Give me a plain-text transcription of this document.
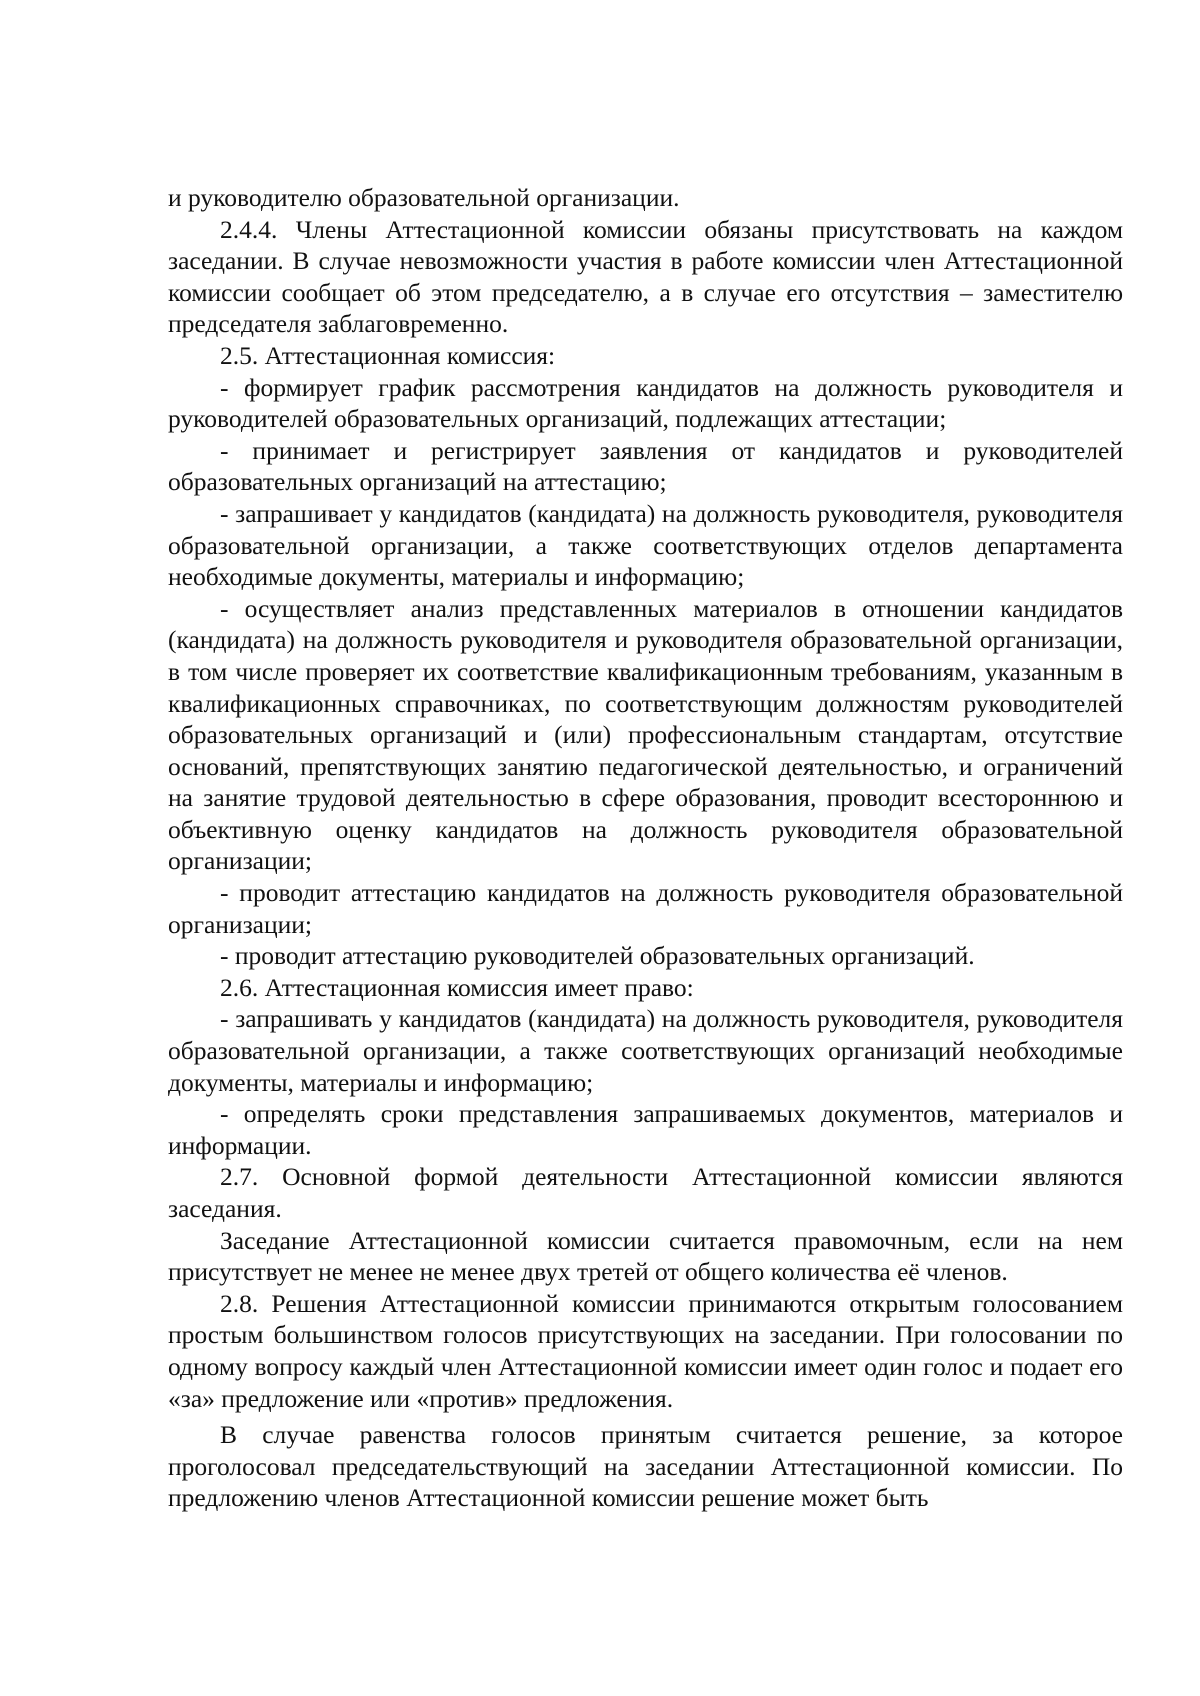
и руководителю образовательной организации.

2.4.4. Члены Аттестационной комиссии обязаны присутствовать на каждом заседании. В случае невозможности участия в работе комиссии член Аттестационной комиссии сообщает об этом председателю, а в случае его отсутствия – заместителю председателя заблаговременно.

2.5. Аттестационная комиссия:

- формирует график рассмотрения кандидатов на должность руководителя и руководителей образовательных организаций, подлежащих аттестации;

- принимает и регистрирует заявления от кандидатов и руководителей образовательных организаций на аттестацию;

- запрашивает у кандидатов (кандидата) на должность руководителя, руководителя образовательной организации, а также соответствующих отделов департамента необходимые документы, материалы и информацию;

- осуществляет анализ представленных материалов в отношении кандидатов (кандидата) на должность руководителя и руководителя образовательной организации, в том числе проверяет их соответствие квалификационным требованиям, указанным в квалификационных справочниках, по соответствующим должностям руководителей образовательных организаций и (или) профессиональным стандартам, отсутствие оснований, препятствующих занятию педагогической деятельностью, и ограничений на занятие трудовой деятельностью в сфере образования, проводит всестороннюю и объективную оценку кандидатов на должность руководителя образовательной организации;

- проводит аттестацию кандидатов на должность руководителя образовательной организации;

- проводит аттестацию руководителей образовательных организаций.

2.6. Аттестационная комиссия имеет право:

- запрашивать у кандидатов (кандидата) на должность руководителя, руководителя образовательной организации, а также соответствующих организаций необходимые документы, материалы и информацию;

- определять сроки представления запрашиваемых документов, материалов и информации.

2.7. Основной формой деятельности Аттестационной комиссии являются заседания.

Заседание Аттестационной комиссии считается правомочным, если на нем присутствует не менее не менее двух третей от общего количества её членов.

2.8. Решения Аттестационной комиссии принимаются открытым голосованием простым большинством голосов присутствующих на заседании. При голосовании по одному вопросу каждый член Аттестационной комиссии имеет один голос и подает его «за» предложение или «против» предложения.

В случае равенства голосов принятым считается решение, за которое проголосовал председательствующий на заседании Аттестационной комиссии. По предложению членов Аттестационной комиссии решение может быть
